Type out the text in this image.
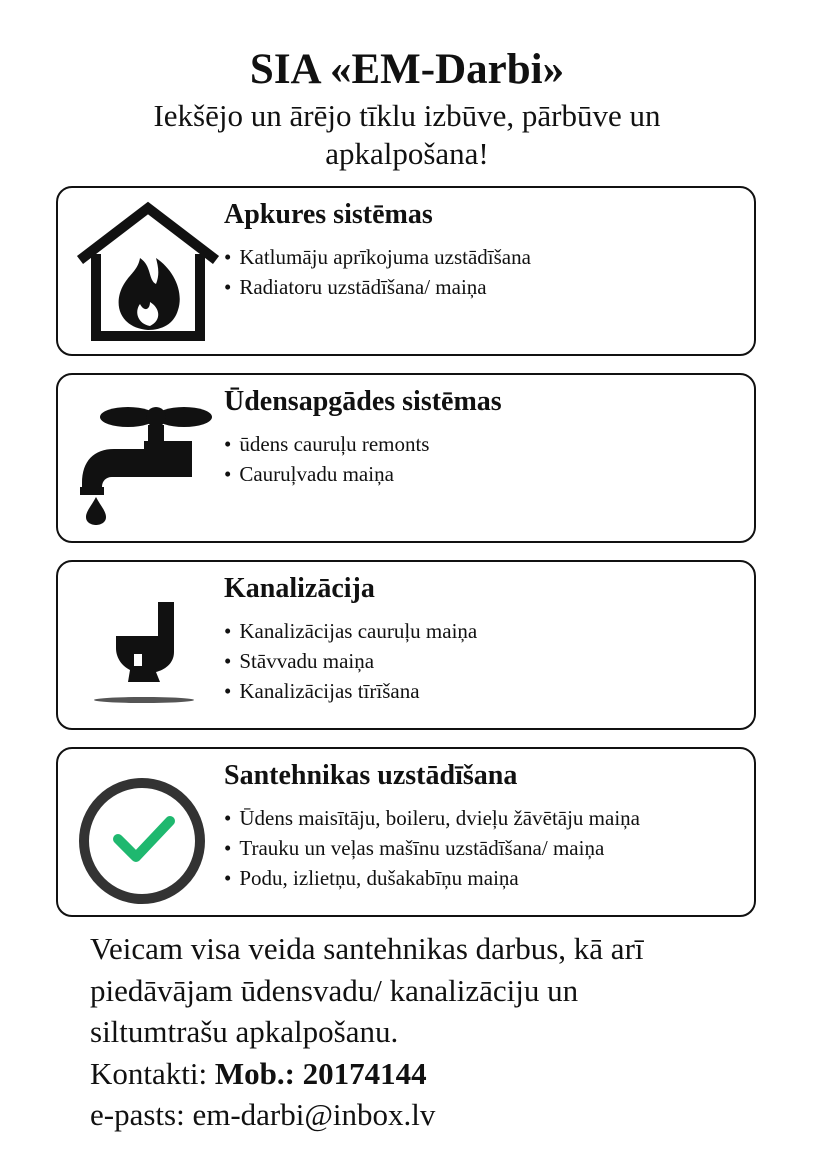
SIA «EM-Darbi»
Iekšējo un ārējo tīklu izbūve, pārbūve un apkalpošana!
Apkures sistēmas
• Katlumāju aprīkojuma uzstādīšana
• Radiatoru uzstādīšana/ maiņa
Ūdensapgādes sistēmas
• ūdens cauruļu remonts
• Cauruļvadu maiņa
Kanalizācija
• Kanalizācijas cauruļu maiņa
• Stāvvadu maiņa
• Kanalizācijas tīrīšana
Santehnikas uzstādīšana
• Ūdens maisītāju, boileru, dvieļu žāvētāju maiņa
• Trauku un veļas mašīnu uzstādīšana/ maiņa
• Podu, izlietņu, dušakabīņu maiņa

Veicam visa veida santehnikas darbus, kā arī

piedāvājam ūdensvadu/ kanalizāciju un

siltumtrašu apkalpošanu.

Kontakti: Mob.: 20174144

e-pasts: em-darbi@inbox.lv
